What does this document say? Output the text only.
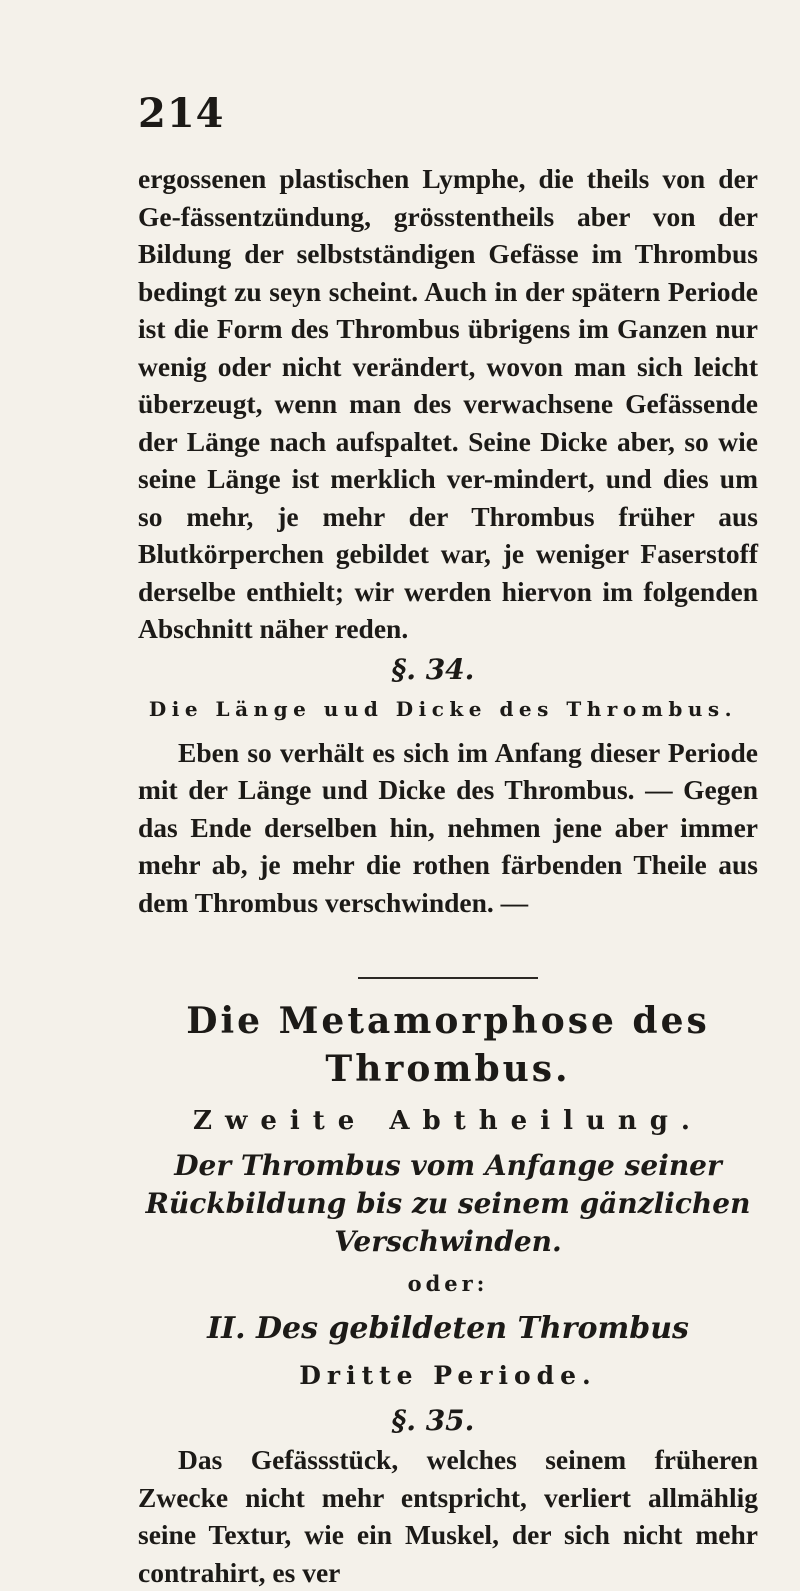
214

ergossenen plastischen Lymphe, die theils von der Ge-fässentzündung, grösstentheils aber von der Bildung der selbstständigen Gefässe im Thrombus bedingt zu seyn scheint. Auch in der spätern Periode ist die Form des Thrombus übrigens im Ganzen nur wenig oder nicht verändert, wovon man sich leicht überzeugt, wenn man des verwachsene Gefässende der Länge nach aufspaltet. Seine Dicke aber, so wie seine Länge ist merklich ver-mindert, und dies um so mehr, je mehr der Thrombus früher aus Blutkörperchen gebildet war, je weniger Faserstoff derselbe enthielt; wir werden hiervon im folgenden Abschnitt näher reden.

§. 34.
Die Länge uud Dicke des Thrombus.

Eben so verhält es sich im Anfang dieser Periode mit der Länge und Dicke des Thrombus. — Gegen das Ende derselben hin, nehmen jene aber immer mehr ab, je mehr die rothen färbenden Theile aus dem Thrombus verschwinden. —

Die Metamorphose des Thrombus.
Zweite Abtheilung.
Der Thrombus vom Anfange seiner Rückbildung bis zu seinem gänzlichen Verschwinden.
oder:
II. Des gebildeten Thrombus
Dritte Periode.
§. 35.

Das Gefässstück, welches seinem früheren Zwecke nicht mehr entspricht, verliert allmählig seine Textur, wie ein Muskel, der sich nicht mehr contrahirt, es ver
